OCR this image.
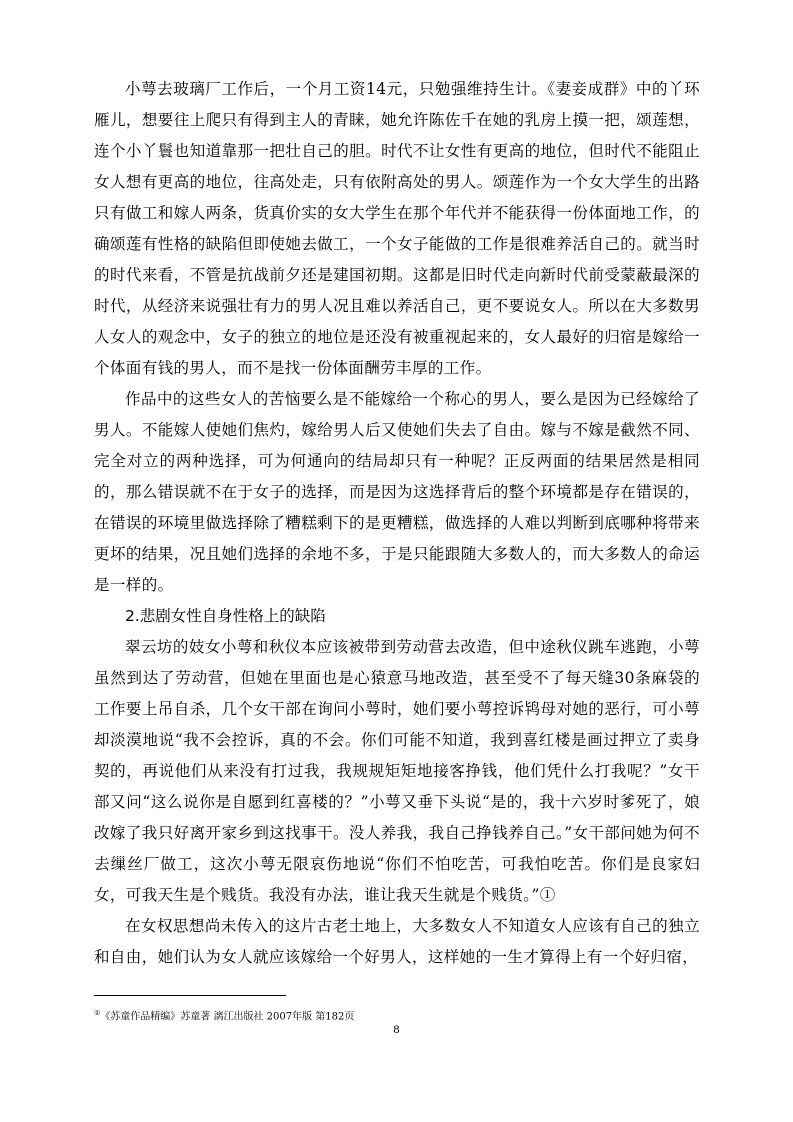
小萼去玻璃厂工作后，一个月工资14元，只勉强维持生计。《妻妾成群》中的丫环雁儿，想要往上爬只有得到主人的青睐，她允许陈佐千在她的乳房上摸一把，颂莲想，连个小丫鬟也知道靠那一把壮自己的胆。时代不让女性有更高的地位，但时代不能阻止女人想有更高的地位，往高处走，只有依附高处的男人。颂莲作为一个女大学生的出路只有做工和嫁人两条，货真价实的女大学生在那个年代并不能获得一份体面地工作，的确颂莲有性格的缺陷但即使她去做工，一个女子能做的工作是很难养活自己的。就当时的时代来看，不管是抗战前夕还是建国初期。这都是旧时代走向新时代前受蒙蔽最深的时代，从经济来说强壮有力的男人况且难以养活自己，更不要说女人。所以在大多数男人女人的观念中，女子的独立的地位是还没有被重视起来的，女人最好的归宿是嫁给一个体面有钱的男人，而不是找一份体面酬劳丰厚的工作。

作品中的这些女人的苦恼要么是不能嫁给一个称心的男人，要么是因为已经嫁给了男人。不能嫁人使她们焦灼，嫁给男人后又使她们失去了自由。嫁与不嫁是截然不同、完全对立的两种选择，可为何通向的结局却只有一种呢？正反两面的结果居然是相同的，那么错误就不在于女子的选择，而是因为这选择背后的整个环境都是存在错误的，在错误的环境里做选择除了糟糕剩下的是更糟糕，做选择的人难以判断到底哪种将带来更坏的结果，况且她们选择的余地不多，于是只能跟随大多数人的，而大多数人的命运是一样的。

2.悲剧女性自身性格上的缺陷

翠云坊的妓女小萼和秋仪本应该被带到劳动营去改造，但中途秋仪跳车逃跑，小萼虽然到达了劳动营，但她在里面也是心猿意马地改造，甚至受不了每天缝30条麻袋的工作要上吊自杀，几个女干部在询问小萼时，她们要小萼控诉鸨母对她的恶行，可小萼却淡漠地说“我不会控诉，真的不会。你们可能不知道，我到喜红楼是画过押立了卖身契的，再说他们从来没有打过我，我规规矩矩地接客挣钱，他们凭什么打我呢？”女干部又问“这么说你是自愿到红喜楼的？”小萼又垂下头说“是的，我十六岁时爹死了，娘改嫁了我只好离开家乡到这找事干。没人养我，我自己挣钱养自己。”女干部问她为何不去缫丝厂做工，这次小萼无限哀伤地说“你们不怕吃苦，可我怕吃苦。你们是良家妇女，可我天生是个贱货。我没有办法，谁让我天生就是个贱货。”①

在女权思想尚未传入的这片古老土地上，大多数女人不知道女人应该有自己的独立和自由，她们认为女人就应该嫁给一个好男人，这样她的一生才算得上有一个好归宿，

①《苏童作品精编》苏童著 漓江出版社 2007年版 第182页
8
